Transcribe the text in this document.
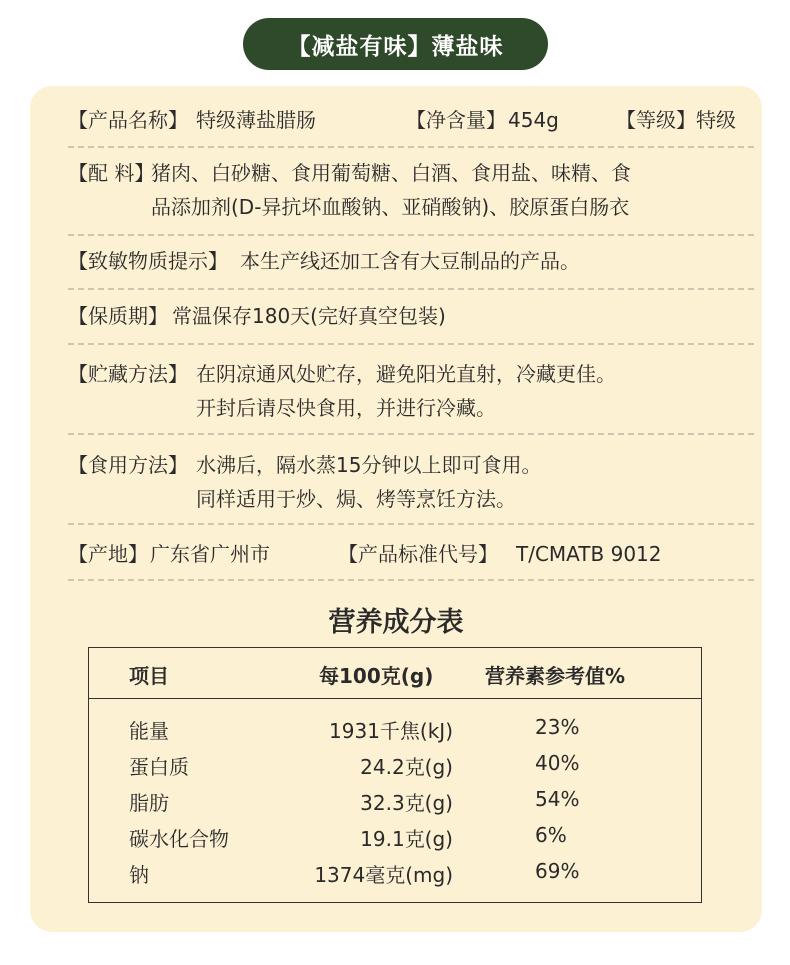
【减盐有味】薄盐味
【产品名称】 特级薄盐腊肠	【净含量】 454g	【等级】 特级
【配 料】
猪肉、白砂糖、食用葡萄糖、白酒、食用盐、味精、食
品添加剂(D-异抗坏血酸钠、亚硝酸钠)、胶原蛋白肠衣
【致敏物质提示】 本生产线还加工含有大豆制品的产品。
【保质期】 常温保存180天(完好真空包装)
【贮藏方法】 在阴凉通风处贮存，避免阳光直射，冷藏更佳。
开封后请尽快食用，并进行冷藏。
【食用方法】 水沸后，隔水蒸15分钟以上即可食用。
同样适用于炒、焗、烤等烹饪方法。
【产地】 广东省广州市	【产品标准代号】 T/CMATB 9012
营养成分表
项目	每100克(g)	营养素参考值%
能量	1931千焦(kJ)	23%
蛋白质	24.2克(g)	40%
脂肪	32.3克(g)	54%
碳水化合物	19.1克(g)	6%
钠	1374毫克(mg)	69%
